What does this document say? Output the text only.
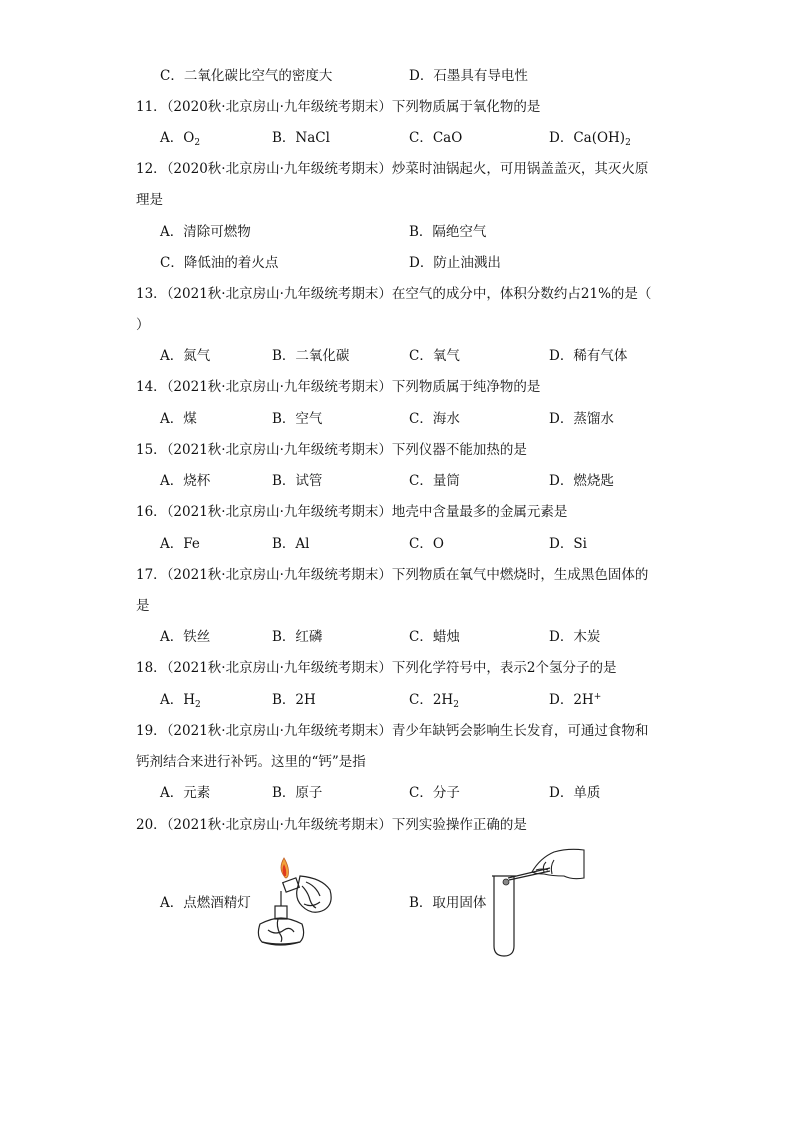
C．二氧化碳比空气的密度大	D．石墨具有导电性
11．（2020秋·北京房山·九年级统考期末）下列物质属于氧化物的是
A．$O_2$	B．NaCl	C．CaO	D．$Ca(OH)_2$
12．（2020秋·北京房山·九年级统考期末）炒菜时油锅起火，可用锅盖盖灭，其灭火原
理是
A．清除可燃物	B．隔绝空气
C．降低油的着火点	D．防止油溅出
13．（2021秋·北京房山·九年级统考期末）在空气的成分中，体积分数约占21%的是（
）
A．氮气	B．二氧化碳	C．氧气	D．稀有气体
14．（2021秋·北京房山·九年级统考期末）下列物质属于纯净物的是
A．煤	B．空气	C．海水	D．蒸馏水
15．（2021秋·北京房山·九年级统考期末）下列仪器不能加热的是
A．烧杯	B．试管	C．量筒	D．燃烧匙
16．（2021秋·北京房山·九年级统考期末）地壳中含量最多的金属元素是
A．Fe	B．Al	C．O	D．Si
17．（2021秋·北京房山·九年级统考期末）下列物质在氧气中燃烧时，生成黑色固体的
是
A．铁丝	B．红磷	C．蜡烛	D．木炭
18．（2021秋·北京房山·九年级统考期末）下列化学符号中，表示2个氢分子的是
A．$H_2$	B．2H	C．$2H_2$	D．2H+
19．（2021秋·北京房山·九年级统考期末）青少年缺钙会影响生长发育，可通过食物和
钙剂结合来进行补钙。这里的“钙”是指
A．元素	B．原子	C．分子	D．单质
20．（2021秋·北京房山·九年级统考期末）下列实验操作正确的是
A．点燃酒精灯	B．取用固体
